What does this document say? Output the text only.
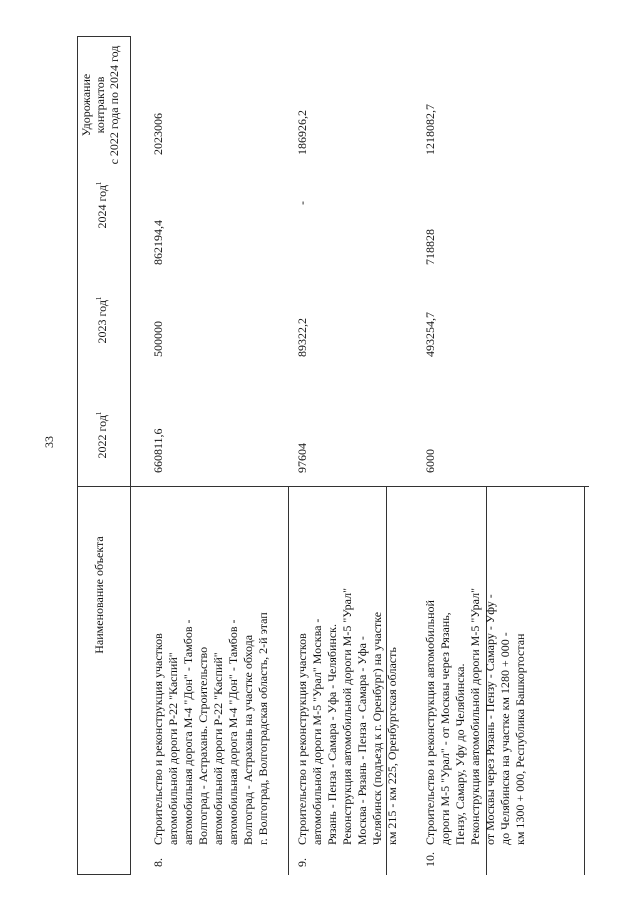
33
Наименование объекта
2022 год$^1$
2023 год$^1$
2024 год$^1$
Удорожание контрактов с 2022 года по 2024 год
8.
Строительство и реконструкция участков автомобильной дороги Р-22 "Каспий" автомобильная дорога М-4 "Дон" - Тамбов - Волгоград - Астрахань. Строительство автомобильной дороги Р-22 "Каспий" автомобильная дорога М-4 "Дон" - Тамбов - Волгоград - Астрахань на участке обхода г. Волгоград, Волгоградская область, 2-й этап
660811,6
500000
862194,4
2023006
9.
Строительство и реконструкция участков автомобильной дороги М-5 "Урал" Москва - Рязань - Пенза - Самара - Уфа - Челябинск. Реконструкция автомобильной дороги М-5 "Урал" Москва - Рязань - Пенза - Самара - Уфа - Челябинск (подъезд к г. Оренбург) на участке км 215 - км 225, Оренбургская область
97604
89322,2
-
186926,2
10.
Строительство и реконструкция автомобильной дороги М-5 "Урал" - от Москвы через Рязань, Пензу, Самару, Уфу до Челябинска. Реконструкция автомобильной дороги М-5 "Урал" от Москвы через Рязань - Пензу - Самару - Уфу - до Челябинска на участке км 1280 + 000 - км 1300 + 000, Республика Башкортостан
6000
493254,7
718828
1218082,7
